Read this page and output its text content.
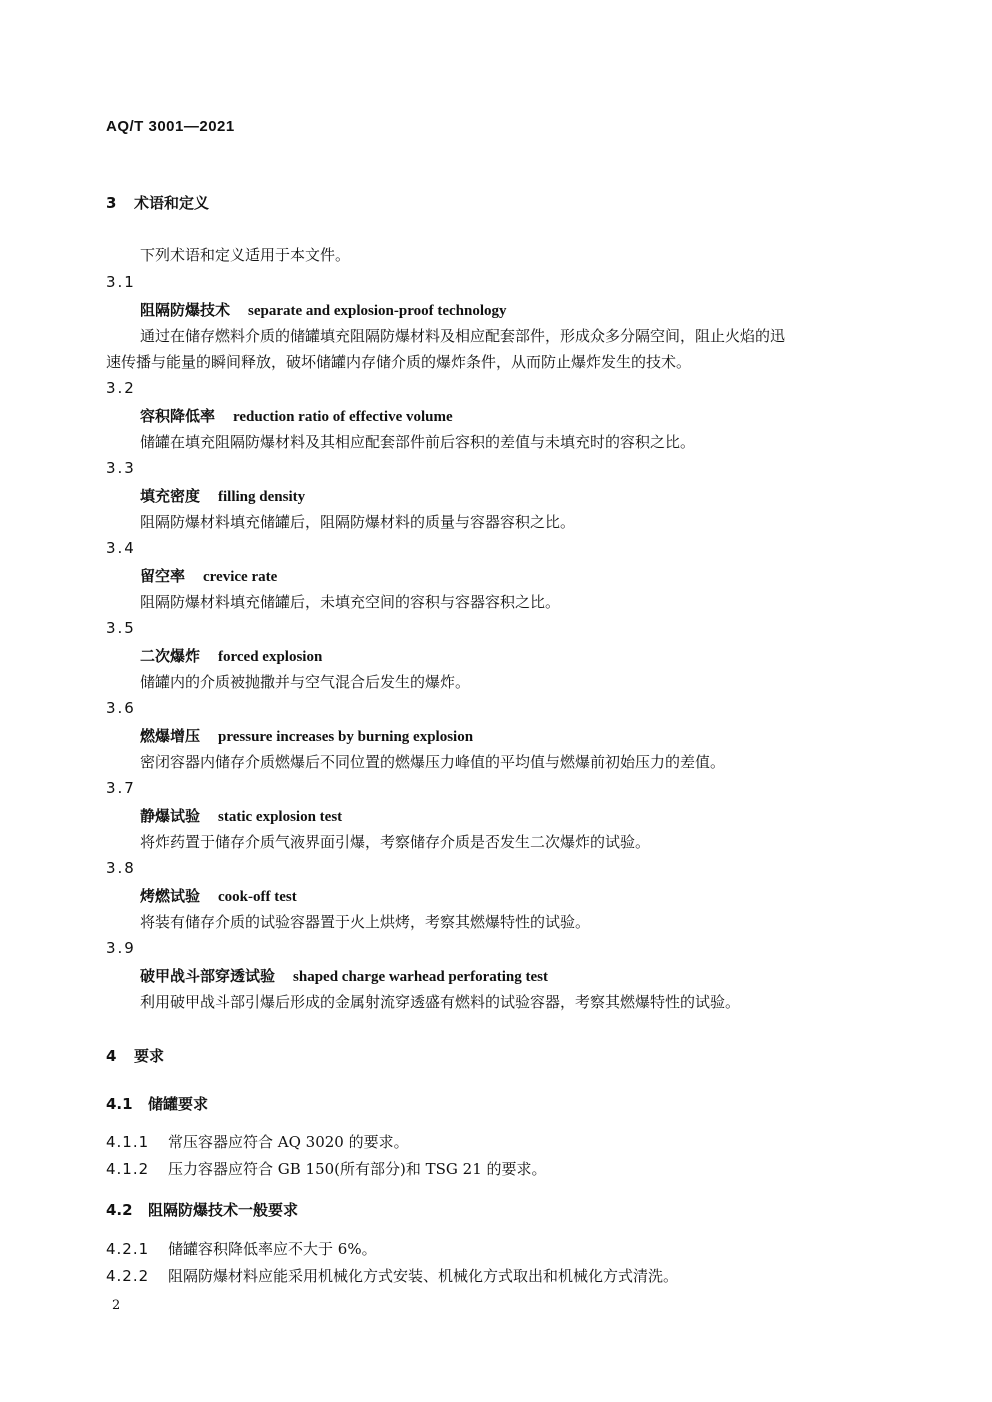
AQ/T 3001—2021
3 术语和定义
下列术语和定义适用于本文件。
3.1
阻隔防爆技术 separate and explosion-proof technology
通过在储存燃料介质的储罐填充阻隔防爆材料及相应配套部件，形成众多分隔空间，阻止火焰的迅
速传播与能量的瞬间释放，破坏储罐内存储介质的爆炸条件，从而防止爆炸发生的技术。
3.2
容积降低率 reduction ratio of effective volume
储罐在填充阻隔防爆材料及其相应配套部件前后容积的差值与未填充时的容积之比。
3.3
填充密度 filling density
阻隔防爆材料填充储罐后，阻隔防爆材料的质量与容器容积之比。
3.4
留空率 crevice rate
阻隔防爆材料填充储罐后，未填充空间的容积与容器容积之比。
3.5
二次爆炸 forced explosion
储罐内的介质被抛撒并与空气混合后发生的爆炸。
3.6
燃爆增压 pressure increases by burning explosion
密闭容器内储存介质燃爆后不同位置的燃爆压力峰值的平均值与燃爆前初始压力的差值。
3.7
静爆试验 static explosion test
将炸药置于储存介质气液界面引爆，考察储存介质是否发生二次爆炸的试验。
3.8
烤燃试验 cook-off test
将装有储存介质的试验容器置于火上烘烤，考察其燃爆特性的试验。
3.9
破甲战斗部穿透试验 shaped charge warhead perforating test
利用破甲战斗部引爆后形成的金属射流穿透盛有燃料的试验容器，考察其燃爆特性的试验。
4 要求
4.1 储罐要求
4.1.1 常压容器应符合 AQ 3020 的要求。
4.1.2 压力容器应符合 GB 150(所有部分)和 TSG 21 的要求。
4.2 阻隔防爆技术一般要求
4.2.1 储罐容积降低率应不大于 6%。
4.2.2 阻隔防爆材料应能采用机械化方式安装、机械化方式取出和机械化方式清洗。
2
